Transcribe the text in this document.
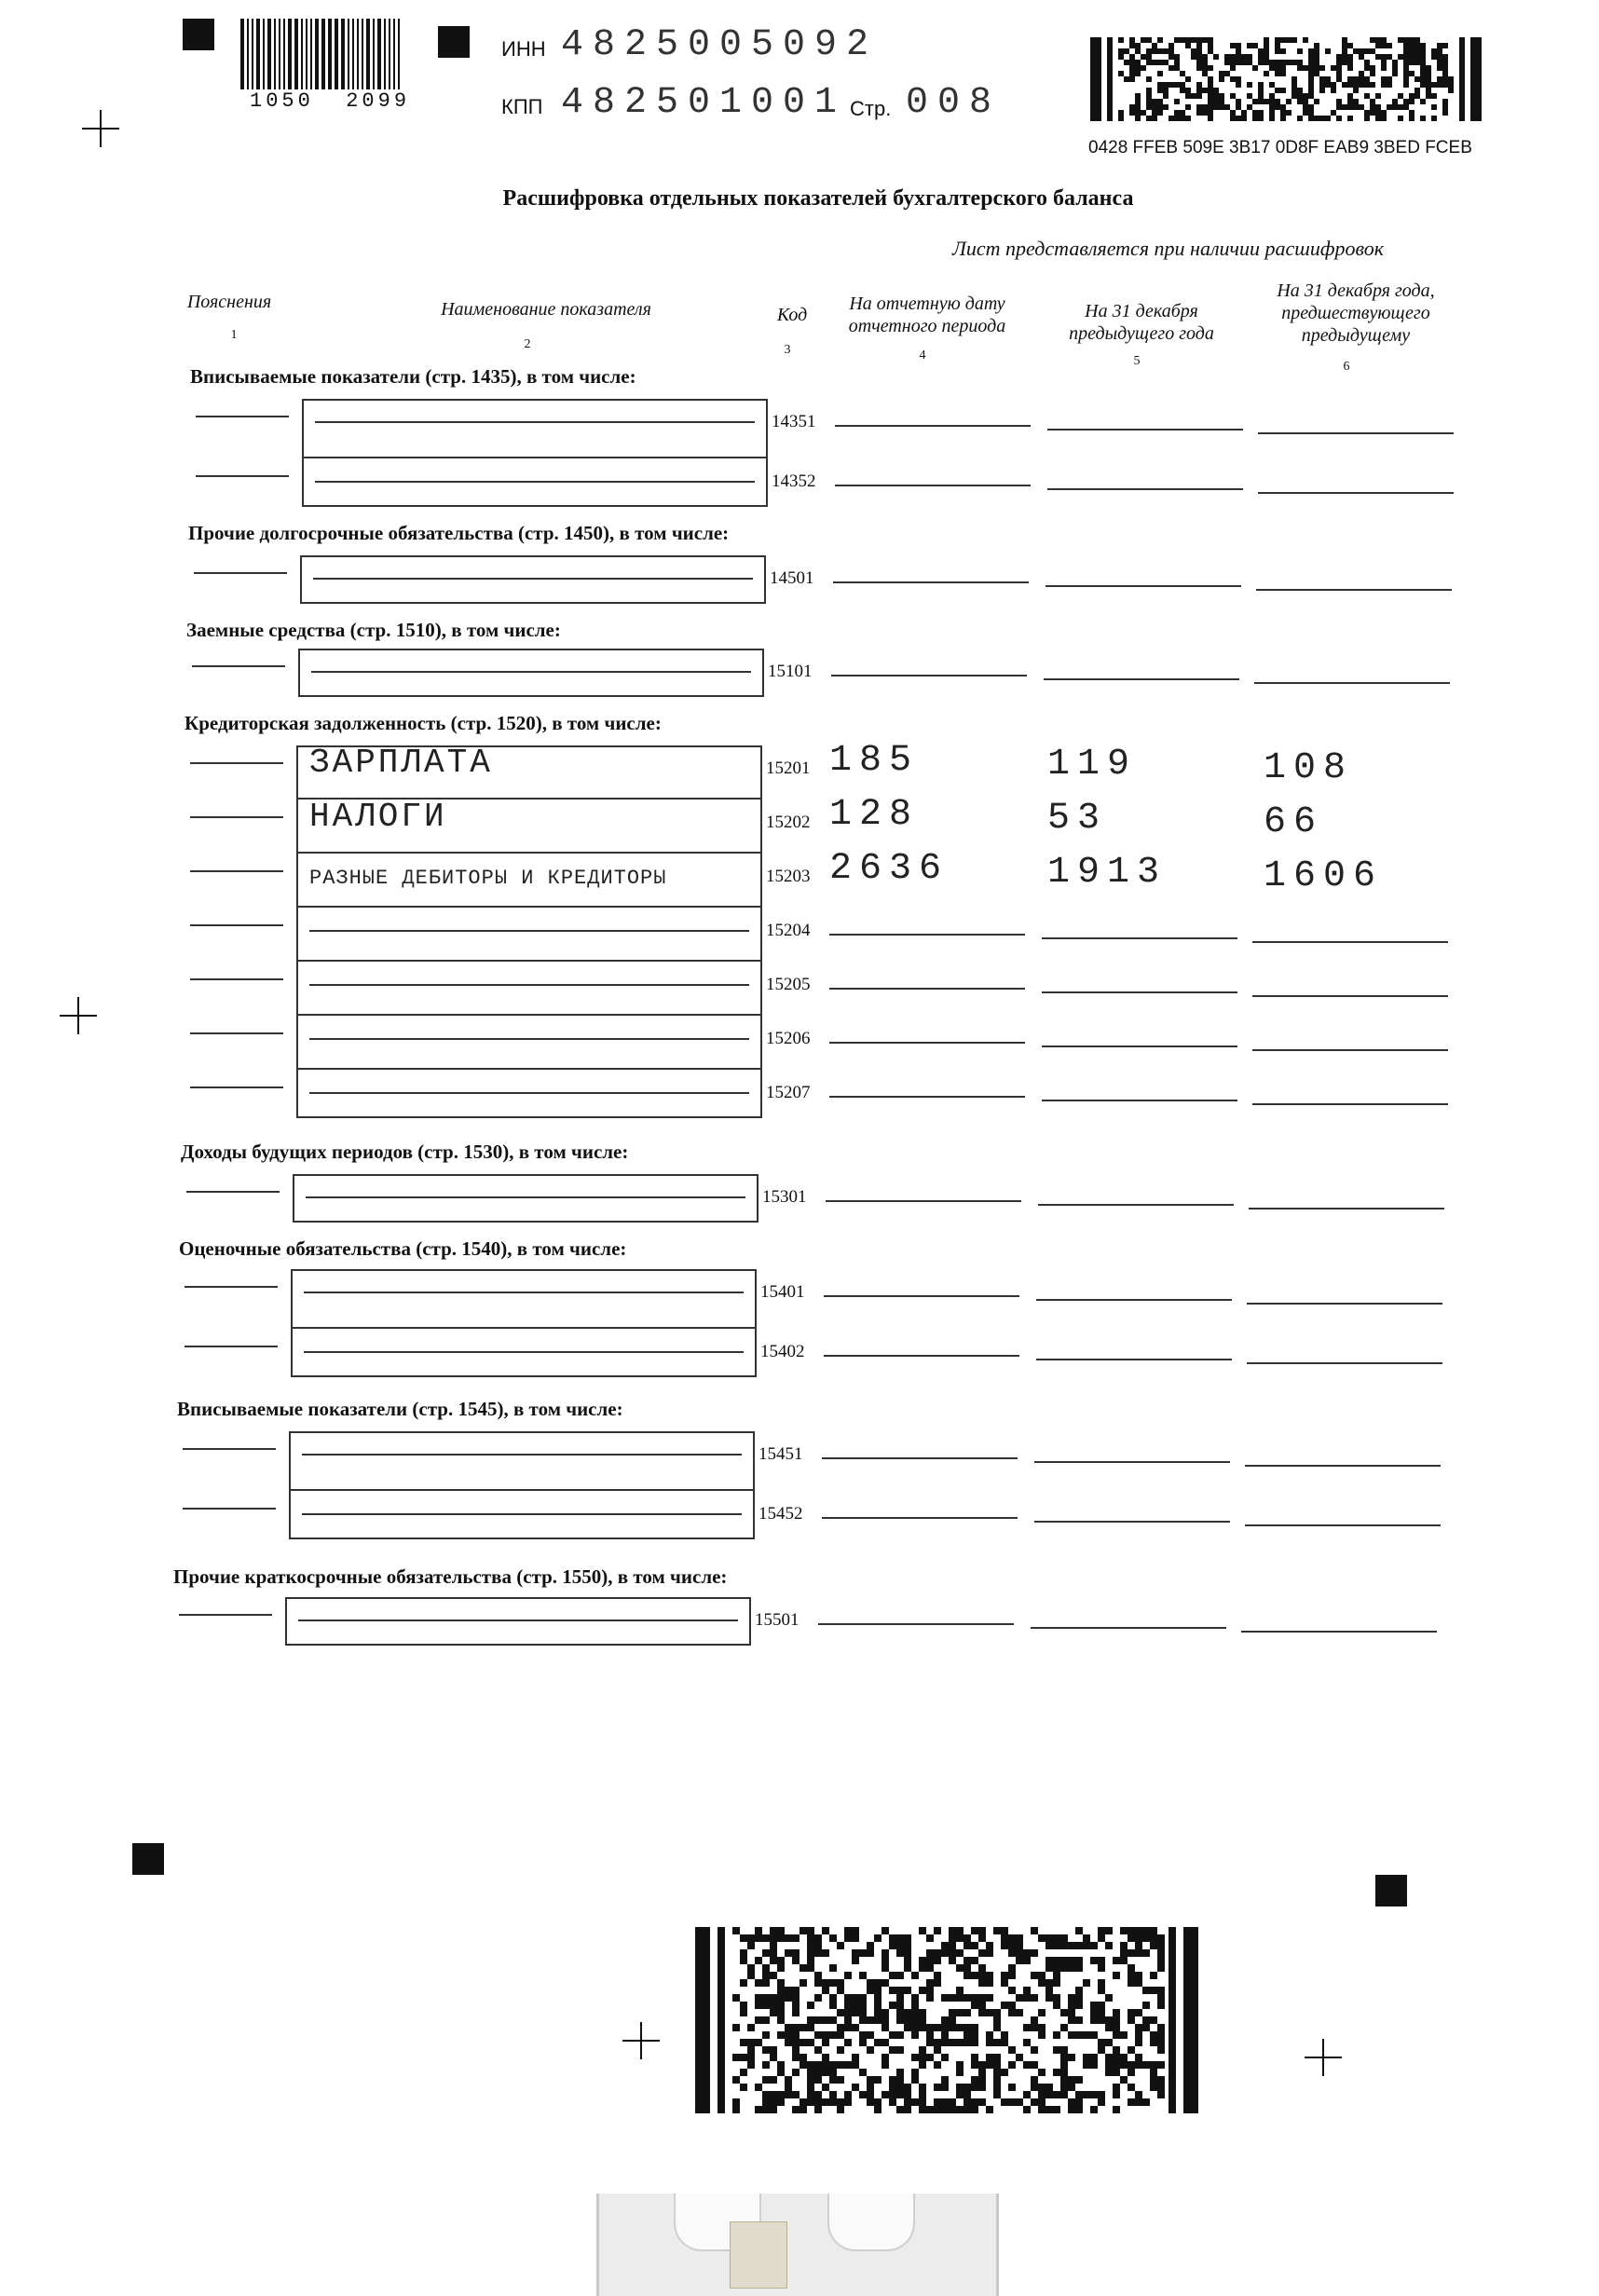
1050  2099
ИНН 4825005092
КПП 482501001 Стр. 008
0428 FFEB 509E 3B17 0D8F EAB9 3BED FCEB
Расшифровка отдельных показателей бухгалтерского баланса
Лист представляется при наличии расшифровок
Пояснения
1
Наименование показателя
2
Код
3
На отчетную дату отчетного периода
4
На 31 декабря предыдущего года
5
На 31 декабря года, предшествующего предыдущему
6
Вписываемые показатели (стр. 1435), в том числе:
14351
14352
Прочие долгосрочные обязательства (стр. 1450), в том числе:
14501
Заемные средства (стр. 1510), в том числе:
15101
Кредиторская задолженность (стр. 1520), в том числе:
ЗАРПЛАТА	15201 185	119	108
НАЛОГИ	15202 128	53	66
РАЗНЫЕ ДЕБИТОРЫ И КРЕДИТОРЫ	15203 2636	1913	1606
15204
15205
15206
15207
Доходы будущих периодов (стр. 1530), в том числе:
15301
Оценочные обязательства (стр. 1540), в том числе:
15401
15402
Вписываемые показатели (стр. 1545), в том числе:
15451
15452
Прочие краткосрочные обязательства (стр. 1550), в том числе:
15501
